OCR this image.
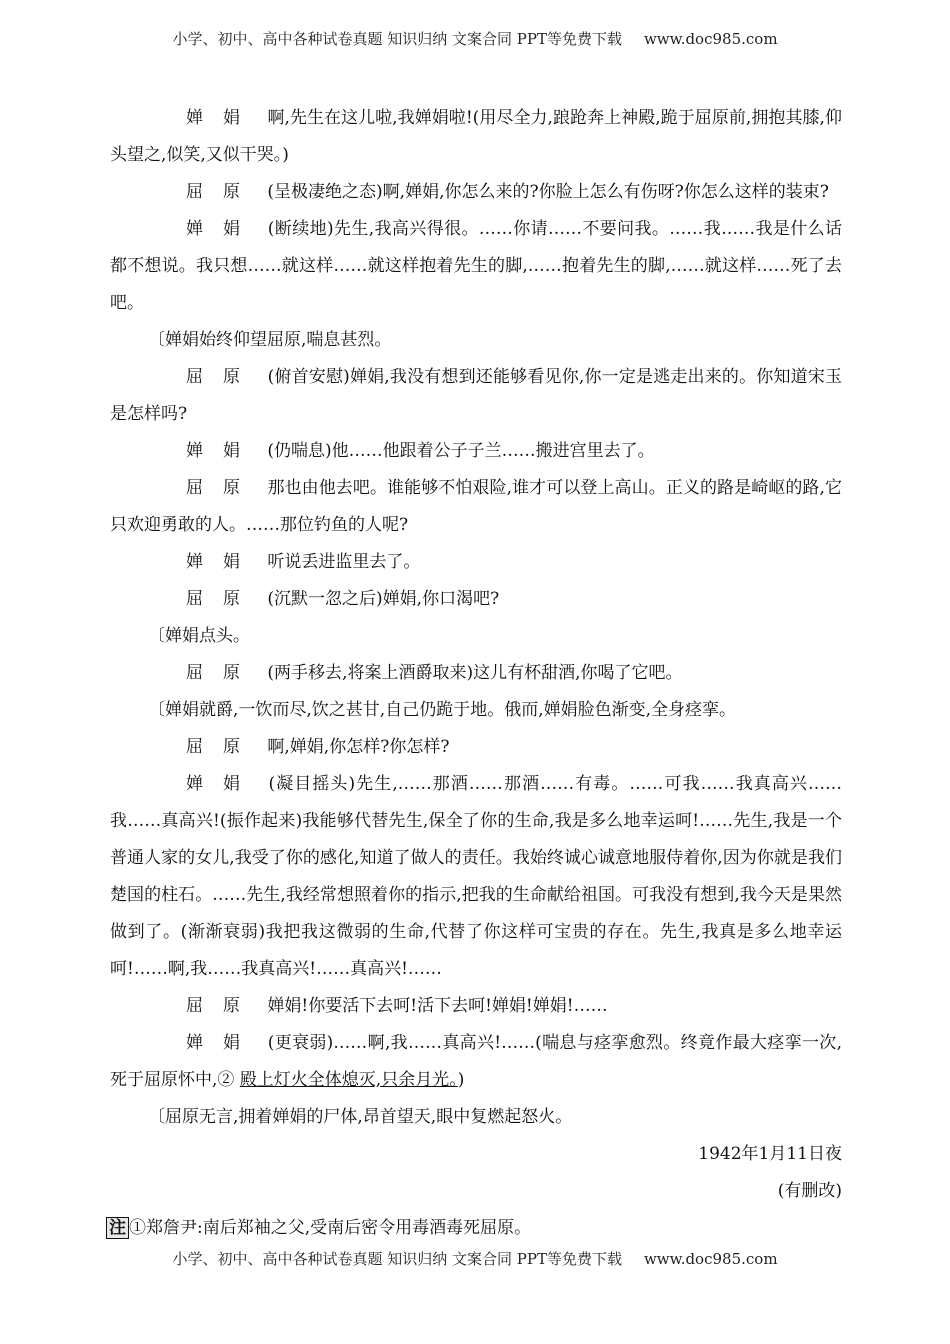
小学、初中、高中各种试卷真题 知识归纳 文案合同 PPT等免费下载 www.doc985.com

婵娟 啊,先生在这儿啦,我婵娟啦!(用尽全力,踉跄奔上神殿,跪于屈原前,拥抱其膝,仰头望之,似笑,又似干哭。)

屈原 (呈极凄绝之态)啊,婵娟,你怎么来的?你脸上怎么有伤呀?你怎么这样的装束?

婵娟 (断续地)先生,我高兴得很。……你请……不要问我。……我……我是什么话都不想说。我只想……就这样……就这样抱着先生的脚,……抱着先生的脚,……就这样……死了去吧。

〔婵娟始终仰望屈原,喘息甚烈。

屈原 (俯首安慰)婵娟,我没有想到还能够看见你,你一定是逃走出来的。你知道宋玉是怎样吗?

婵娟 (仍喘息)他……他跟着公子子兰……搬进宫里去了。

屈原 那也由他去吧。谁能够不怕艰险,谁才可以登上高山。正义的路是崎岖的路,它只欢迎勇敢的人。……那位钓鱼的人呢?

婵娟 听说丢进监里去了。

屈原 (沉默一忽之后)婵娟,你口渴吧?

〔婵娟点头。

屈原 (两手移去,将案上酒爵取来)这儿有杯甜酒,你喝了它吧。

〔婵娟就爵,一饮而尽,饮之甚甘,自己仍跪于地。俄而,婵娟脸色渐变,全身痉挛。

屈原 啊,婵娟,你怎样?你怎样?

婵娟 (凝目摇头)先生,……那酒……那酒……有毒。……可我……我真高兴……我……真高兴!(振作起来)我能够代替先生,保全了你的生命,我是多么地幸运呵!……先生,我是一个普通人家的女儿,我受了你的感化,知道了做人的责任。我始终诚心诚意地服侍着你,因为你就是我们楚国的柱石。……先生,我经常想照着你的指示,把我的生命献给祖国。可我没有想到,我今天是果然做到了。(渐渐衰弱)我把我这微弱的生命,代替了你这样可宝贵的存在。先生,我真是多么地幸运呵!……啊,我……我真高兴!……真高兴!……

屈原 婵娟!你要活下去呵!活下去呵!婵娟!婵娟!……

婵娟 (更衰弱)……啊,我……真高兴!……(喘息与痉挛愈烈。终竟作最大痉挛一次,死于屈原怀中,② 殿上灯火全体熄灭,只余月光。)

〔屈原无言,拥着婵娟的尸体,昂首望天,眼中复燃起怒火。

1942年1月11日夜

(有删改)

注 ①郑詹尹:南后郑袖之父,受南后密令用毒酒毒死屈原。

小学、初中、高中各种试卷真题 知识归纳 文案合同 PPT等免费下载 www.doc985.com
